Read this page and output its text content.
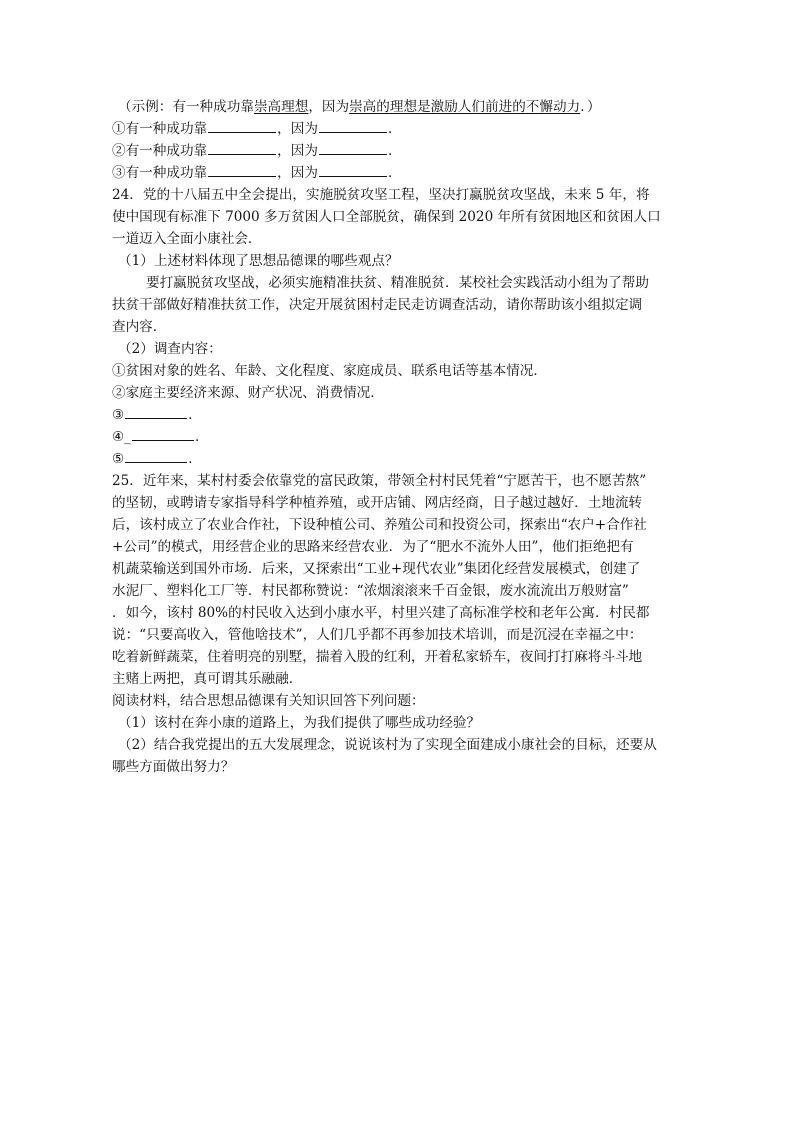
（示例：有一种成功靠崇高理想，因为崇高的理想是激励人们前进的不懈动力．）
①有一种成功靠	，因为	．
②有一种成功靠	，因为	．
③有一种成功靠	，因为	．
24．党的十八届五中全会提出，实施脱贫攻坚工程，坚决打赢脱贫攻坚战，未来 5 年，将
使中国现有标准下 7000 多万贫困人口全部脱贫，确保到 2020 年所有贫困地区和贫困人口
一道迈入全面小康社会．
（1）上述材料体现了思想品德课的哪些观点？
要打赢脱贫攻坚战，必须实施精准扶贫、精准脱贫．某校社会实践活动小组为了帮助
扶贫干部做好精准扶贫工作，决定开展贫困村走民走访调查活动，请你帮助该小组拟定调
查内容．
（2）调查内容：
①贫困对象的姓名、年龄、文化程度、家庭成员、联系电话等基本情况．
②家庭主要经济来源、财产状况、消费情况．
③	．
④_	．
⑤	．
25．近年来，某村村委会依靠党的富民政策，带领全村村民凭着“宁愿苦干，也不愿苦熬”
的坚韧，或聘请专家指导科学种植养殖，或开店铺、网店经商，日子越过越好．土地流转
后，该村成立了农业合作社，下设种植公司、养殖公司和投资公司，探索出“农户+合作社
+公司”的模式，用经营企业的思路来经营农业．为了“肥水不流外人田”，他们拒绝把有
机蔬菜输送到国外市场．后来，又探索出“工业+现代农业”集团化经营发展模式，创建了
水泥厂、塑料化工厂等．村民都称赞说：“浓烟滚滚来千百金银，废水流流出万般财富”
．如今，该村 80%的村民收入达到小康水平，村里兴建了高标准学校和老年公寓．村民都
说：“只要高收入，管他啥技术”，人们几乎都不再参加技术培训，而是沉浸在幸福之中：
吃着新鲜蔬菜，住着明亮的别墅，揣着入股的红利，开着私家轿车，夜间打打麻将斗斗地
主赌上两把，真可谓其乐融融．
阅读材料，结合思想品德课有关知识回答下列问题：
（1）该村在奔小康的道路上，为我们提供了哪些成功经验？
（2）结合我党提出的五大发展理念，说说该村为了实现全面建成小康社会的目标，还要从
哪些方面做出努力？
